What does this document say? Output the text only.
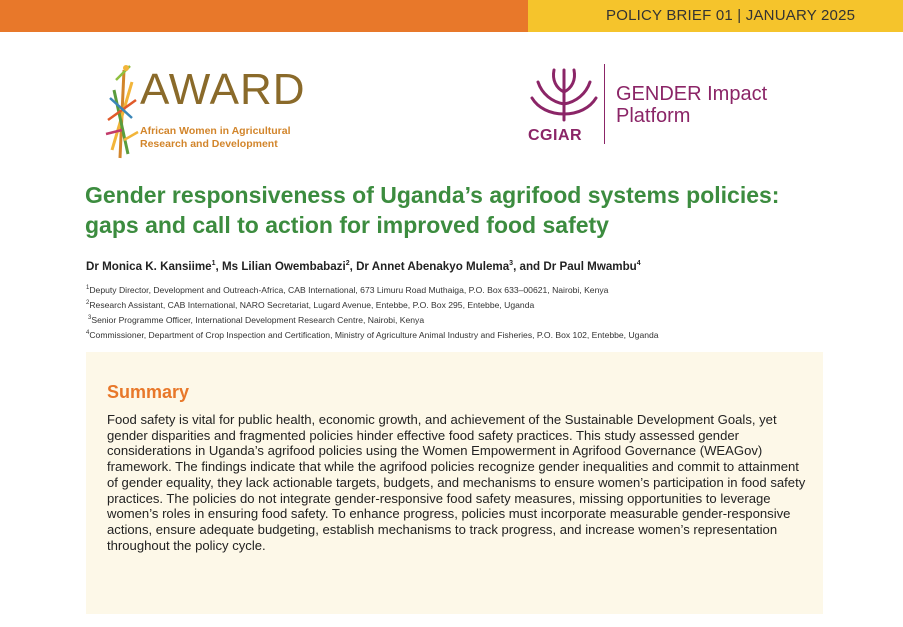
POLICY BRIEF 01 | JANUARY 2025
AWARD
African Women in Agricultural
Research and Development	CGIAR
GENDER Impact
Platform
Gender responsiveness of Uganda’s agrifood systems policies:
gaps and call to action for improved food safety
Dr Monica K. Kansiime$^1$, Ms Lilian Owembabazi$^2$, Dr Annet Abenakyo Mulema$^3$, and Dr Paul Mwambu$^4$
$^1$Deputy Director, Development and Outreach-Africa, CAB International, 673 Limuru Road Muthaiga, P.O. Box 633–00621, Nairobi, Kenya
$^2$Research Assistant, CAB International, NARO Secretariat, Lugard Avenue, Entebbe, P.O. Box 295, Entebbe, Uganda
$^3$Senior Programme Officer, International Development Research Centre, Nairobi, Kenya
$^4$Commissioner, Department of Crop Inspection and Certification, Ministry of Agriculture Animal Industry and Fisheries, P.O. Box 102, Entebbe, Uganda
Summary
Food safety is vital for public health, economic growth, and achievement of the Sustainable Development Goals, yet gender disparities and fragmented policies hinder effective food safety practices. This study assessed gender considerations in Uganda’s agrifood policies using the Women Empowerment in Agrifood Governance (WEAGov) framework. The findings indicate that while the agrifood policies recognize gender inequalities and commit to attainment of gender equality, they lack actionable targets, budgets, and mechanisms to ensure women’s participation in food safety practices. The policies do not integrate gender-responsive food safety measures, missing opportunities to leverage women’s roles in ensuring food safety. To enhance progress, policies must incorporate measurable gender-responsive actions, ensure adequate budgeting, establish mechanisms to track progress, and increase women’s representation throughout the policy cycle.
